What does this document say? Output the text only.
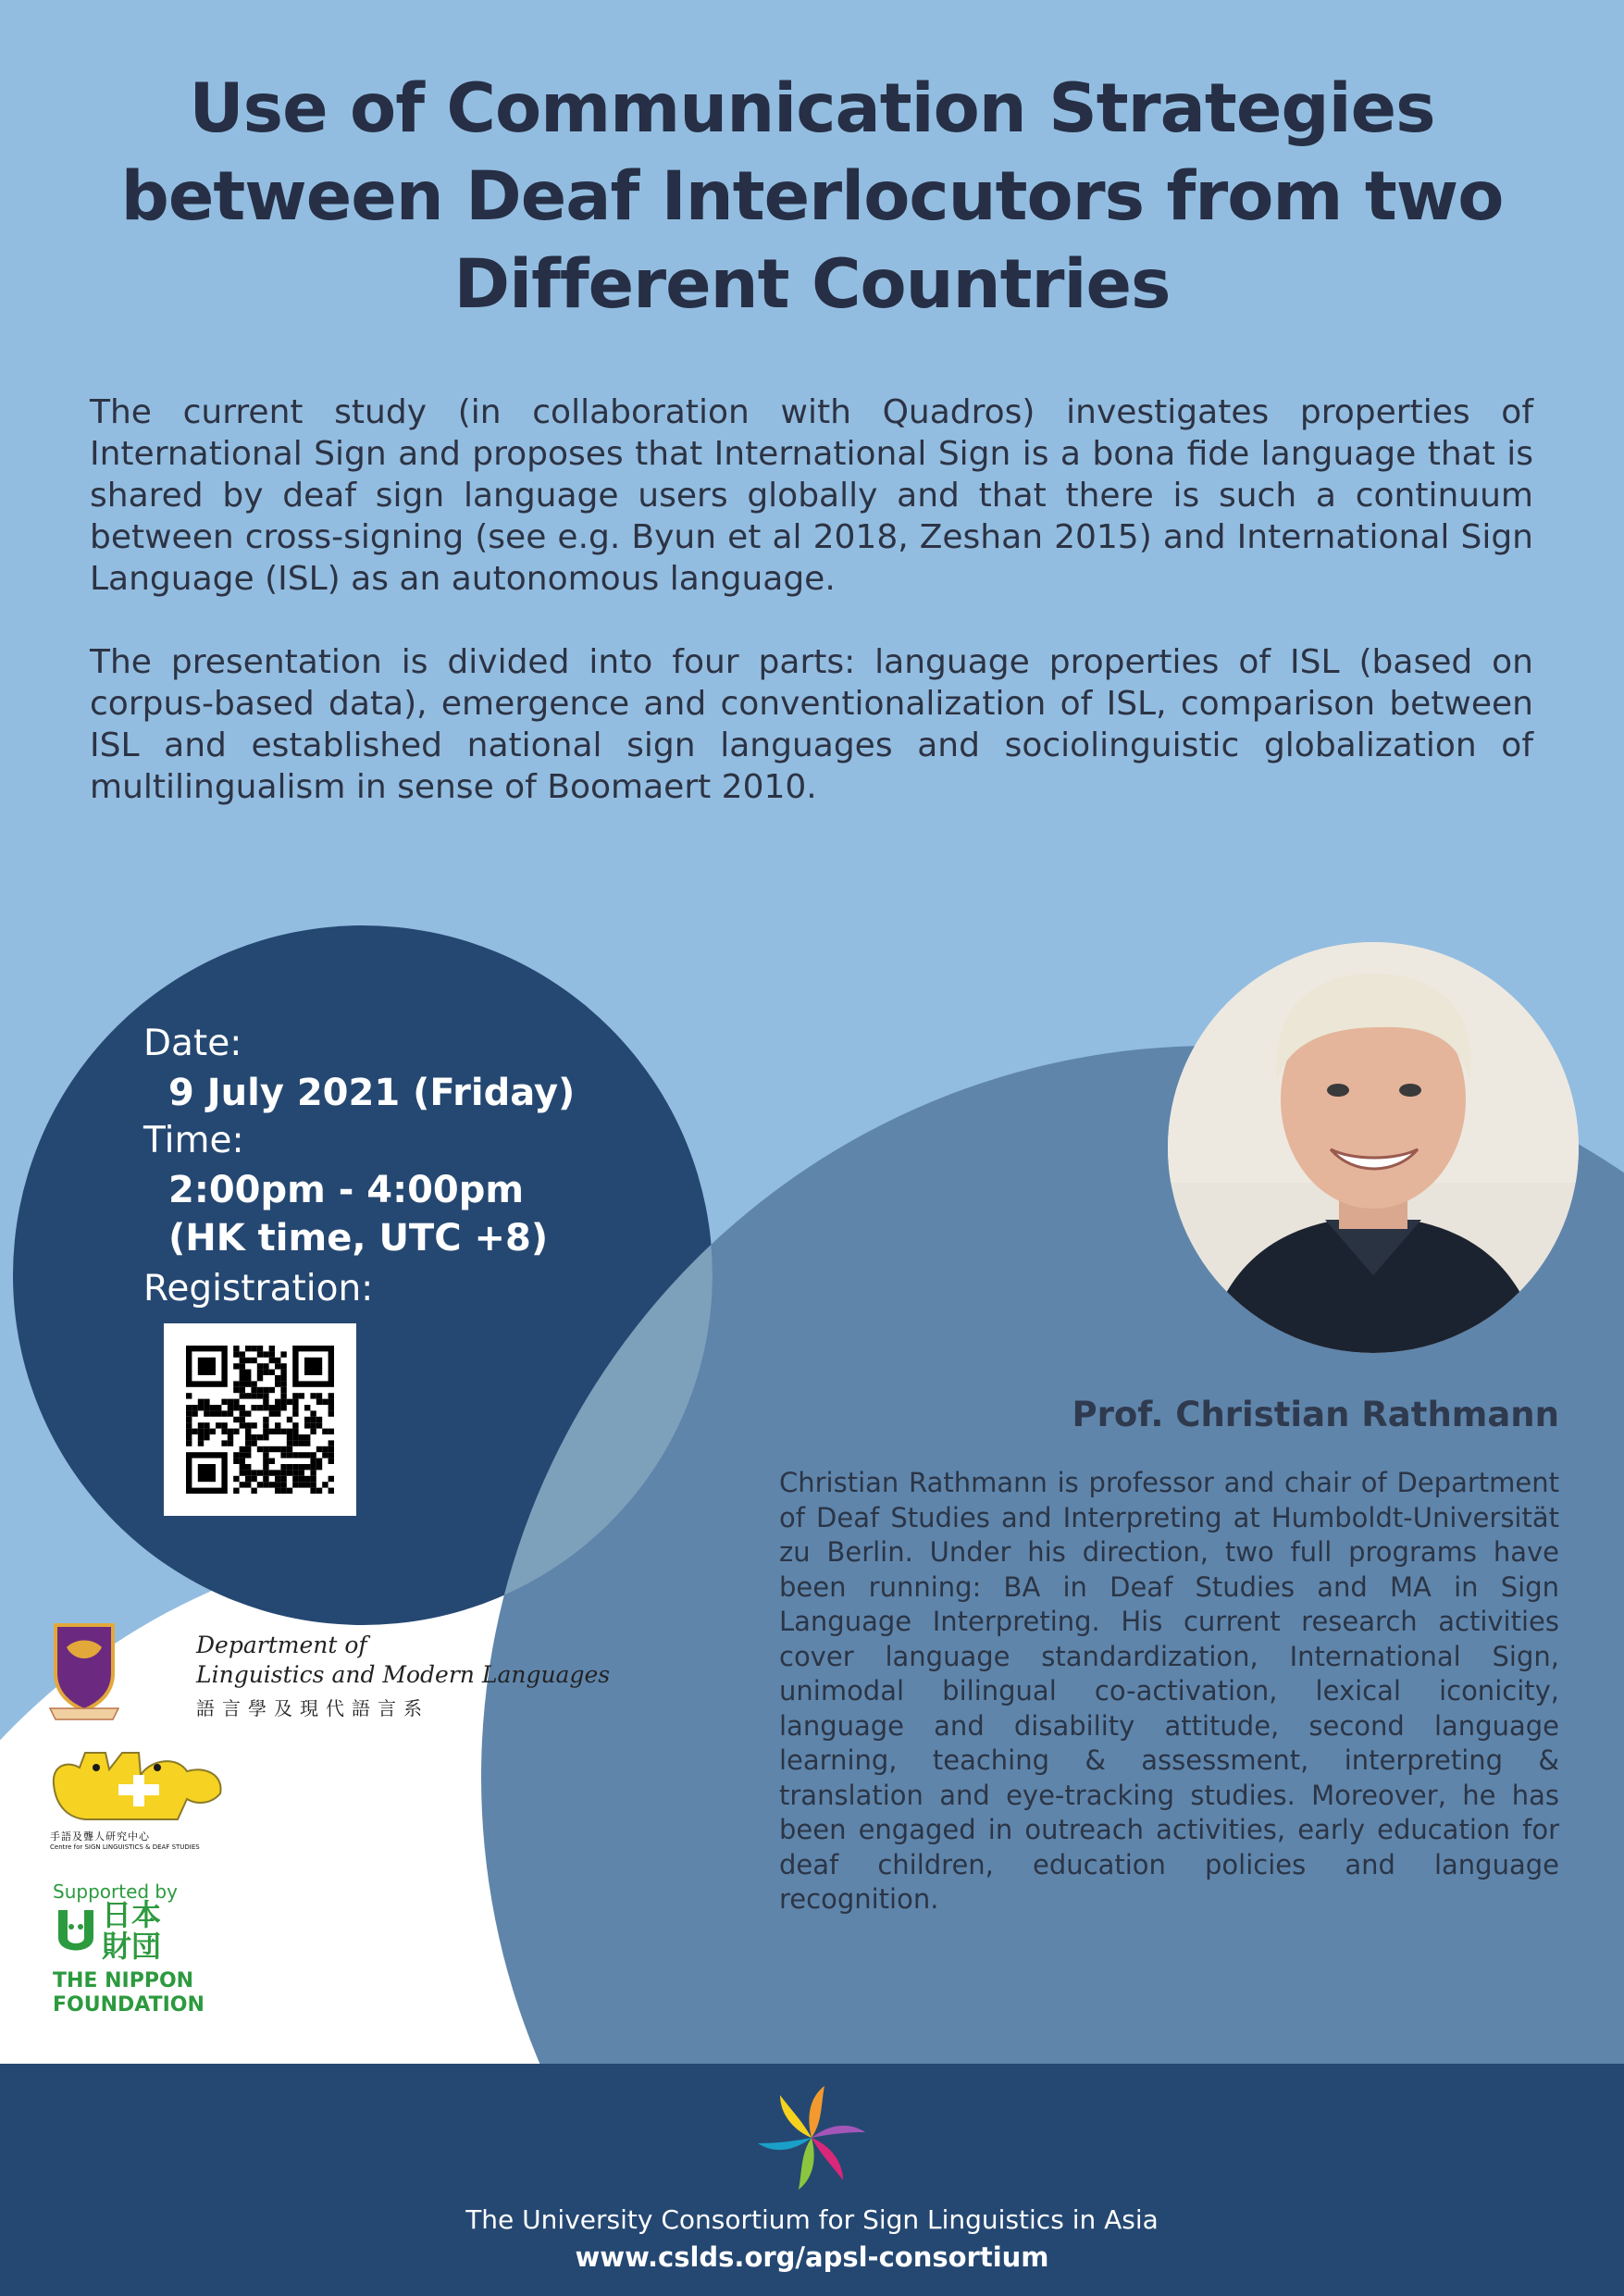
Use of Communication Strategies
between Deaf Interlocutors from two
Different Countries
The current study (in collaboration with Quadros) investigates properties of International Sign and proposes that International Sign is a bona fide language that is shared by deaf sign language users globally and that there is such a continuum between cross-signing (see e.g. Byun et al 2018, Zeshan 2015) and International Sign Language (ISL) as an autonomous language.
The presentation is divided into four parts: language properties of ISL (based on corpus-based data), emergence and conventionalization of ISL, comparison between ISL and established national sign languages and sociolinguistic globalization of multilingualism in sense of Boomaert 2010.
Date:
9 July 2021 (Friday)
Time:
2:00pm - 4:00pm
(HK time, UTC +8)
Registration:
Prof. Christian Rathmann
Christian Rathmann is professor and chair of Department of Deaf Studies and Interpreting at Humboldt-Universität zu Berlin. Under his direction, two full programs have been running: BA in Deaf Studies and MA in Sign Language Interpreting. His current research activities cover language standardization, International Sign, unimodal bilingual co-activation, lexical iconicity, language and disability attitude, second language learning, teaching & assessment, interpreting & translation and eye-tracking studies. Moreover, he has been engaged in outreach activities, early education for deaf children, education policies and language recognition.
Department of
Linguistics and Modern Languages
語言學及現代語言系
手語及聾人研究中心
Centre for SIGN LINGUISTICS & DEAF STUDIES
Supported by
日本
財団
THE NIPPON
FOUNDATION
The University Consortium for Sign Linguistics in Asia
www.cslds.org/apsl-consortium
